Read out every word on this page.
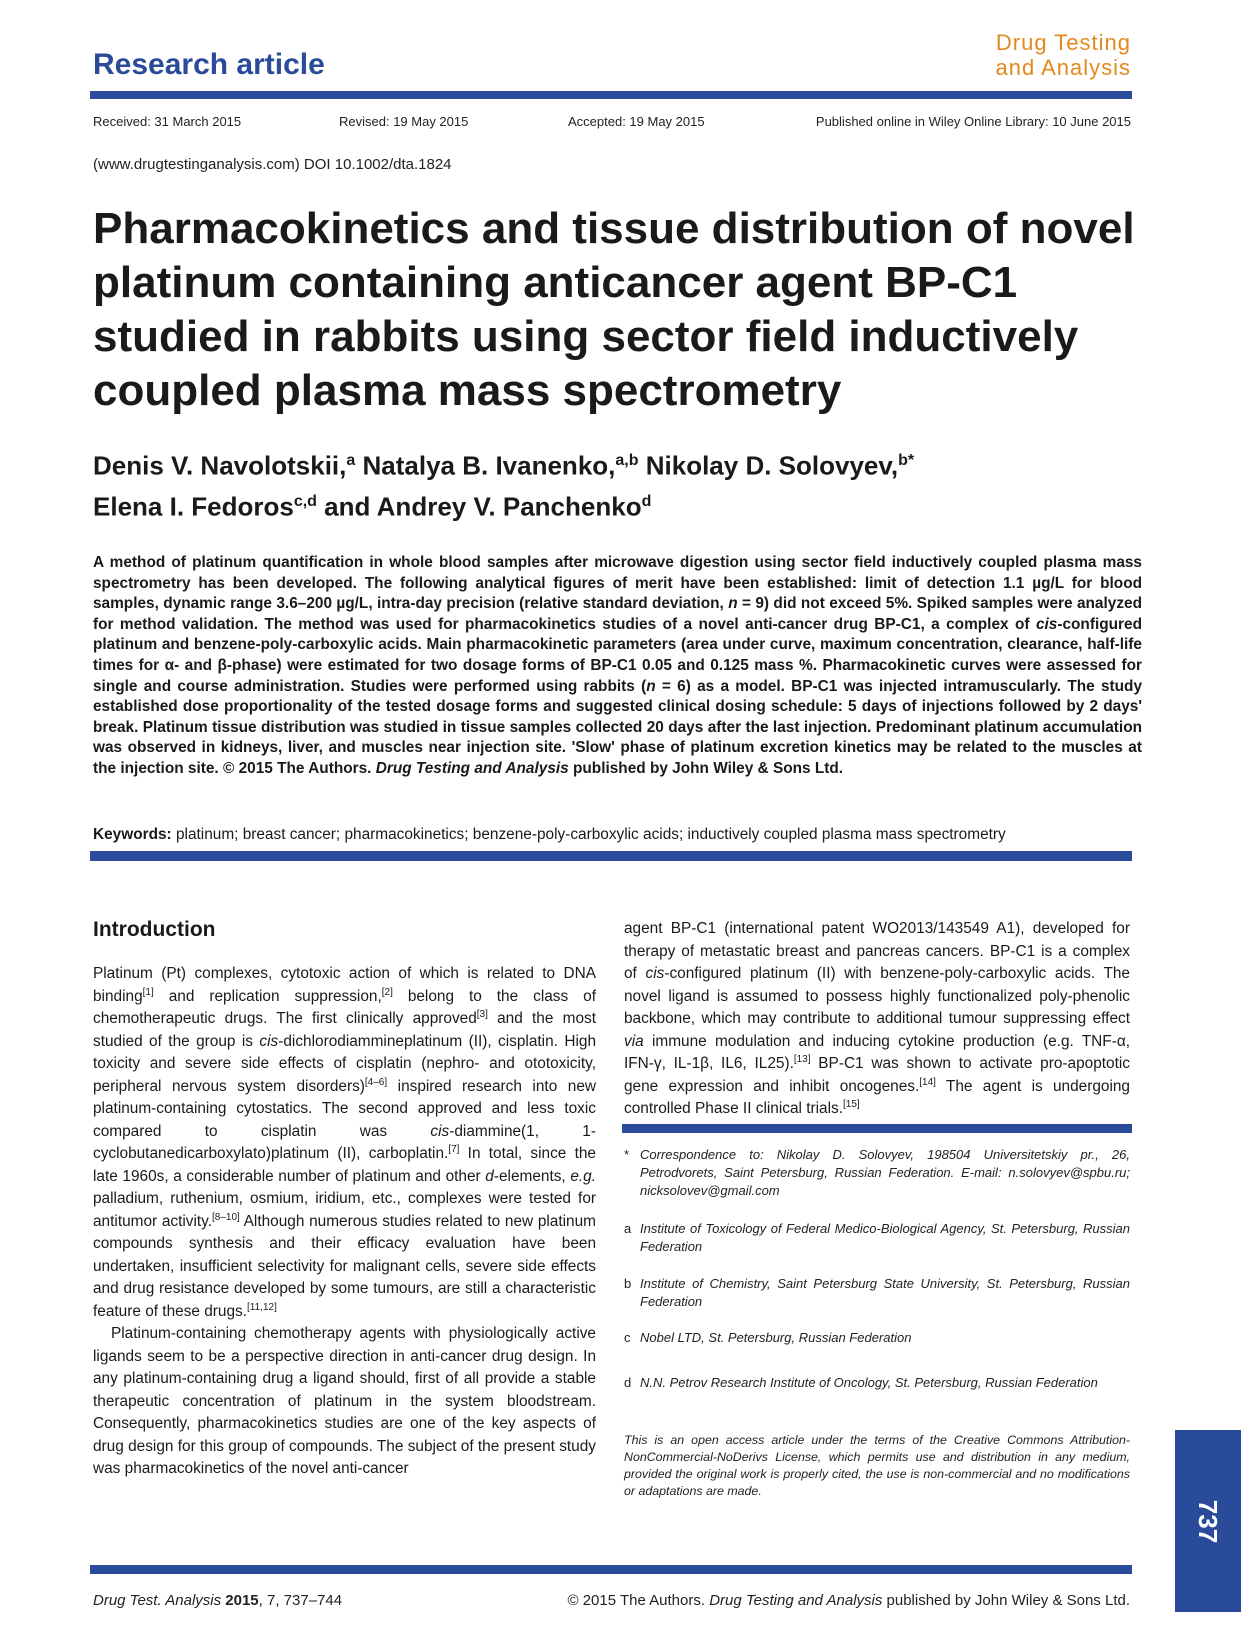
Research article
Drug Testing
and Analysis
Received: 31 March 2015	Revised: 19 May 2015	Accepted: 19 May 2015	Published online in Wiley Online Library: 10 June 2015
(www.drugtestinganalysis.com) DOI 10.1002/dta.1824
Pharmacokinetics and tissue distribution of novel platinum containing anticancer agent BP-C1 studied in rabbits using sector field inductively coupled plasma mass spectrometry
Denis V. Navolotskii,$^a$ Natalya B. Ivanenko,$^{a,b}$ Nikolay D. Solovyev,$^{b*}$
Elena I. Fedoros$^{c,d}$ and Andrey V. Panchenko$^d$

A method of platinum quantification in whole blood samples after microwave digestion using sector field inductively coupled plasma mass spectrometry has been developed. The following analytical figures of merit have been established: limit of detection 1.1 µg/L for blood samples, dynamic range 3.6–200 µg/L, intra-day precision (relative standard deviation, n = 9) did not exceed 5%. Spiked samples were analyzed for method validation. The method was used for pharmacokinetics studies of a novel anti-cancer drug BP-C1, a complex of cis-configured platinum and benzene-poly-carboxylic acids. Main pharmacokinetic parameters (area under curve, maximum concentration, clearance, half-life times for α- and β-phase) were estimated for two dosage forms of BP-C1 0.05 and 0.125 mass %. Pharmacokinetic curves were assessed for single and course administration. Studies were performed using rabbits (n = 6) as a model. BP-C1 was injected intramuscularly. The study established dose proportionality of the tested dosage forms and suggested clinical dosing schedule: 5 days of injections followed by 2 days' break. Platinum tissue distribution was studied in tissue samples collected 20 days after the last injection. Predominant platinum accumulation was observed in kidneys, liver, and muscles near injection site. 'Slow' phase of platinum excretion kinetics may be related to the muscles at the injection site. © 2015 The Authors. Drug Testing and Analysis published by John Wiley & Sons Ltd.

Keywords: platinum; breast cancer; pharmacokinetics; benzene-poly-carboxylic acids; inductively coupled plasma mass spectrometry
Introduction

Platinum (Pt) complexes, cytotoxic action of which is related to DNA binding[1] and replication suppression,[2] belong to the class of chemotherapeutic drugs. The first clinically approved[3] and the most studied of the group is cis-dichlorodiammineplatinum (II), cisplatin. High toxicity and severe side effects of cisplatin (nephro- and ototoxicity, peripheral nervous system disorders)[4–6] inspired research into new platinum-containing cytostatics. The second approved and less toxic compared to cisplatin was cis-diammine(1, 1-cyclobutanedicarboxylato)platinum (II), carboplatin.[7] In total, since the late 1960s, a considerable number of platinum and other d-elements, e.g. palladium, ruthenium, osmium, iridium, etc., complexes were tested for antitumor activity.[8–10] Although numerous studies related to new platinum compounds synthesis and their efficacy evaluation have been undertaken, insufficient selectivity for malignant cells, severe side effects and drug resistance developed by some tumours, are still a characteristic feature of these drugs.[11,12]

Platinum-containing chemotherapy agents with physiologically active ligands seem to be a perspective direction in anti-cancer drug design. In any platinum-containing drug a ligand should, first of all provide a stable therapeutic concentration of platinum in the system bloodstream. Consequently, pharmacokinetics studies are one of the key aspects of drug design for this group of compounds. The subject of the present study was pharmacokinetics of the novel anti-cancer

agent BP-C1 (international patent WO2013/143549 A1), developed for therapy of metastatic breast and pancreas cancers. BP-C1 is a complex of cis-configured platinum (II) with benzene-poly-carboxylic acids. The novel ligand is assumed to possess highly functionalized poly-phenolic backbone, which may contribute to additional tumour suppressing effect via immune modulation and inducing cytokine production (e.g. TNF-α, IFN-γ, IL-1β, IL6, IL25).[13] BP-C1 was shown to activate pro-apoptotic gene expression and inhibit oncogenes.[14] The agent is undergoing controlled Phase II clinical trials.[15]

* Correspondence to: Nikolay D. Solovyev, 198504 Universitetskiy pr., 26, Petrodvorets, Saint Petersburg, Russian Federation. E-mail: n.solovyev@spbu.ru; nicksolovev@gmail.com
a Institute of Toxicology of Federal Medico-Biological Agency, St. Petersburg, Russian Federation
b Institute of Chemistry, Saint Petersburg State University, St. Petersburg, Russian Federation
c Nobel LTD, St. Petersburg, Russian Federation
d N.N. Petrov Research Institute of Oncology, St. Petersburg, Russian Federation
This is an open access article under the terms of the Creative Commons Attribution-NonCommercial-NoDerivs License, which permits use and distribution in any medium, provided the original work is properly cited, the use is non-commercial and no modifications or adaptations are made.
737
Drug Test. Analysis 2015, 7, 737–744	© 2015 The Authors. Drug Testing and Analysis published by John Wiley & Sons Ltd.
